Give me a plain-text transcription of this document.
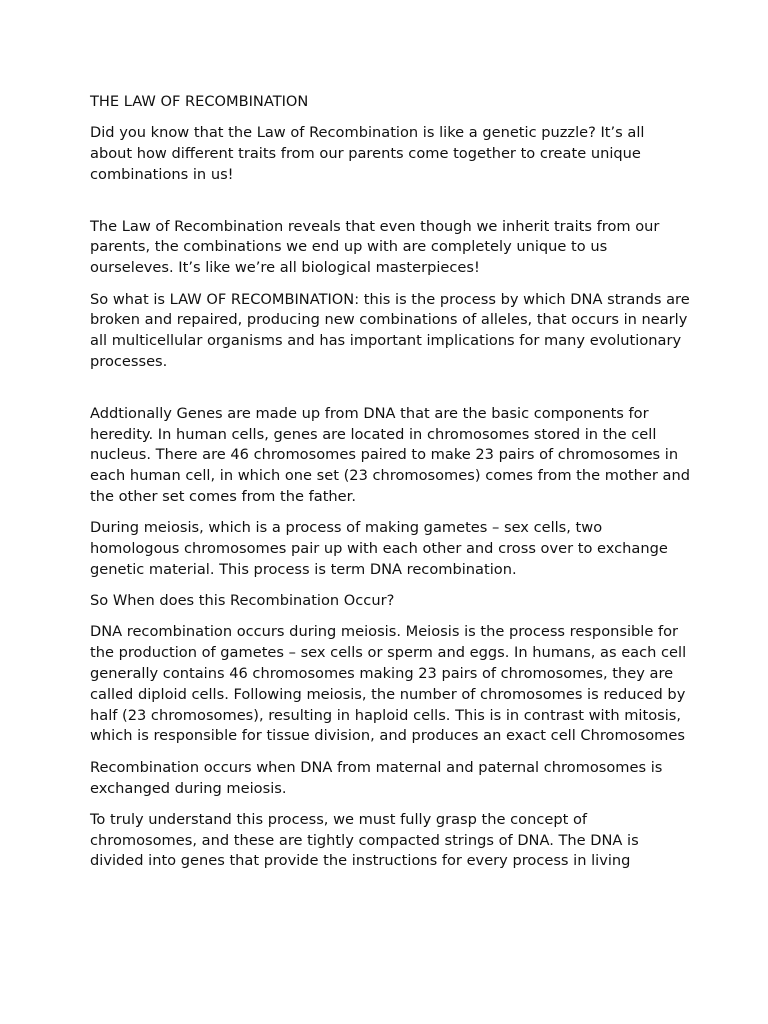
THE LAW OF RECOMBINATION

Did you know that the Law of Recombination is like a genetic puzzle? It’s all about how different traits from our parents come together to create unique combinations in us!

The Law of Recombination reveals that even though we inherit traits from our parents, the combinations we end up with are completely unique to us ourseleves. It’s like we’re all biological masterpieces!

So what is LAW OF RECOMBINATION: this is the process by which DNA strands are broken and repaired, producing new combinations of alleles, that occurs in nearly all multicellular organisms and has important implications for many evolutionary processes.

Addtionally Genes are made up from DNA that are the basic components for heredity. In human cells, genes are located in chromosomes stored in the cell nucleus. There are 46 chromosomes paired to make 23 pairs of chromosomes in each human cell, in which one set (23 chromosomes) comes from the mother and the other set comes from the father.

During meiosis, which is a process of making gametes – sex cells, two homologous chromosomes pair up with each other and cross over to exchange genetic material. This process is term DNA recombination.

So When does this Recombination Occur?

DNA recombination occurs during meiosis. Meiosis is the process responsible for the production of gametes – sex cells or sperm and eggs. In humans, as each cell generally contains 46 chromosomes making 23 pairs of chromosomes, they are called diploid cells. Following meiosis, the number of chromosomes is reduced by half (23 chromosomes), resulting in haploid cells. This is in contrast with mitosis, which is responsible for tissue division, and produces an exact cell Chromosomes

Recombination occurs when DNA from maternal and paternal chromosomes is exchanged during meiosis.

To truly understand this process, we must fully grasp the concept of chromosomes, and these are tightly compacted strings of DNA. The DNA is divided into genes that provide the instructions for every process in living
